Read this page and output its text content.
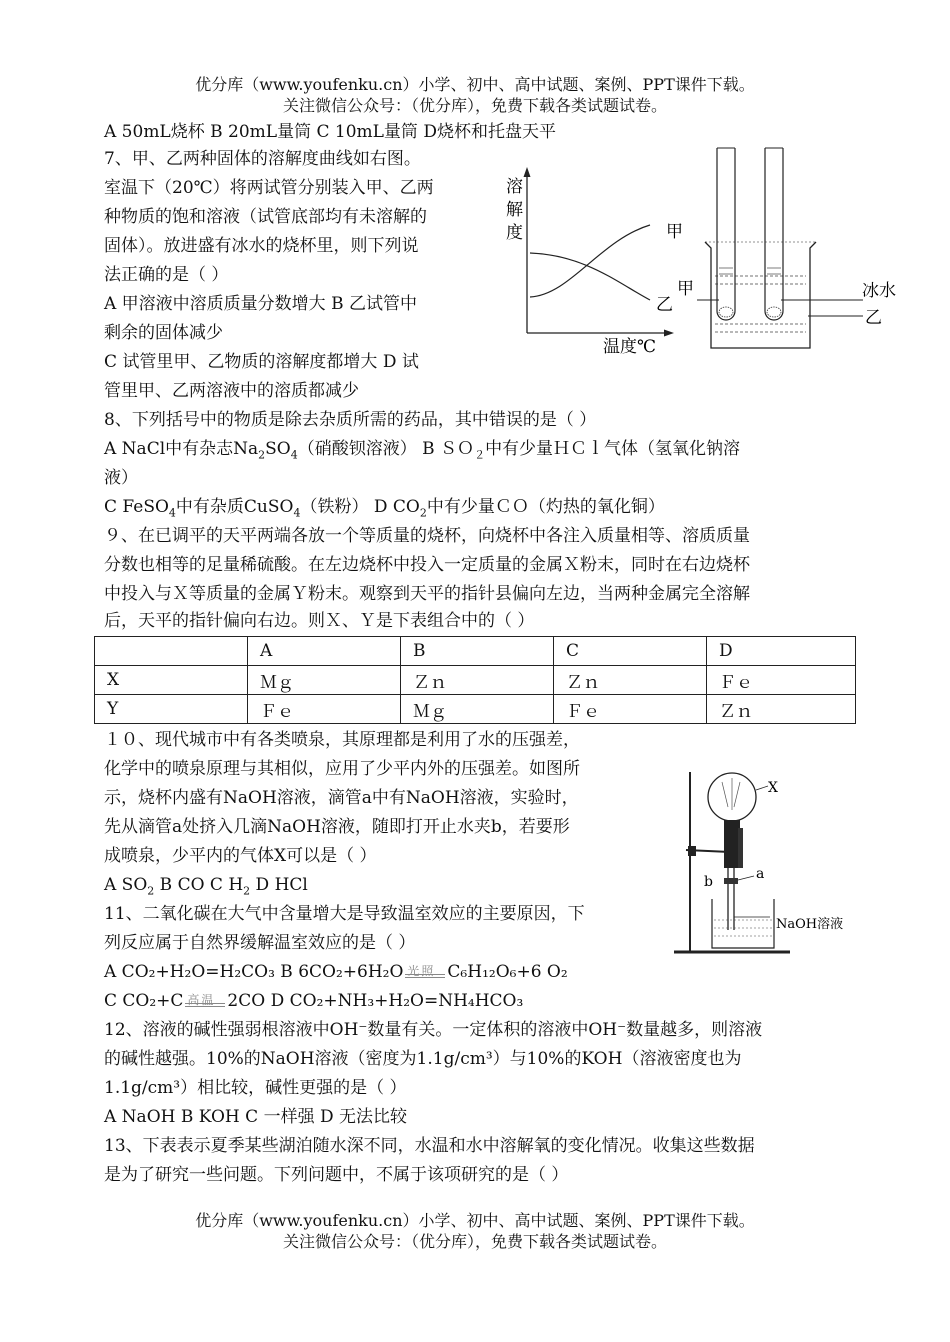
优分库（www.youfenku.cn）小学、初中、高中试题、案例、PPT课件下载。
关注微信公众号：（优分库），免费下载各类试题试卷。
A 50mL烧杯 B 20mL量筒 C 10mL量筒 D烧杯和托盘天平
7、甲、乙两种固体的溶解度曲线如右图。
室温下（20℃）将两试管分别装入甲、乙两
种物质的饱和溶液（试管底部均有未溶解的
固体）。放进盛有冰水的烧杯里，则下列说
法正确的是（ ）
A 甲溶液中溶质质量分数增大 B 乙试管中
剩余的固体减少
C 试管里甲、乙物质的溶解度都增大 D 试
管里甲、乙两溶液中的溶质都减少
溶
解
度
温度℃
甲
乙
甲	冰水
乙
8、下列括号中的物质是除去杂质所需的药品，其中错误的是（ ）
A NaCl中有杂志$Na_2SO_4$（硝酸钡溶液） B ＳＯ$_2$中有少量ＨＣｌ气体（氢氧化钠溶
液）
C FeSO$_4$中有杂质CuSO$_4$（铁粉） D $CO_2$中有少量ＣＯ（灼热的氧化铜）
９、在已调平的天平两端各放一个等质量的烧杯，向烧杯中各注入质量相等、溶质质量
分数也相等的足量稀硫酸。在左边烧杯中投入一定质量的金属Ｘ粉末，同时在右边烧杯
中投入与Ｘ等质量的金属Ｙ粉末。观察到天平的指针县偏向左边，当两种金属完全溶解
后，天平的指针偏向右边。则Ｘ、Ｙ是下表组合中的（ ）
	A	B	C	D
X	Ｍｇ	Ｚｎ	Ｚｎ	Ｆｅ
Y	Ｆｅ	Ｍｇ	Ｆｅ	Ｚｎ
１０、现代城市中有各类喷泉，其原理都是利用了水的压强差，
化学中的喷泉原理与其相似，应用了少平内外的压强差。如图所
示，烧杯内盛有NaOH溶液，滴管a中有NaOH溶液，实验时，
先从滴管a处挤入几滴NaOH溶液，随即打开止水夹b，若要形
成喷泉，少平内的气体X可以是（ ）
A $SO_2$ B CO C $H_2$ D HCl
X
a
b
NaOH溶液
11、二氧化碳在大气中含量增大是导致温室效应的主要原因，下
列反应属于自然界缓解温室效应的是（ ）
A CO₂+H₂O=H₂CO₃ B 6CO₂+6H₂O 光照 C₆H₁₂O₆+6 O₂
C CO₂+C 高温 2CO D CO₂+NH₃+H₂O=NH₄HCO₃
12、溶液的碱性强弱根溶液中OH⁻数量有关。一定体积的溶液中OH⁻数量越多，则溶液
的碱性越强。10%的NaOH溶液（密度为1.1g/cm³）与10%的KOH（溶液密度也为
1.1g/cm³）相比较，碱性更强的是（ ）
A NaOH B KOH C 一样强 D 无法比较
13、下表表示夏季某些湖泊随水深不同，水温和水中溶解氧的变化情况。收集这些数据
是为了研究一些问题。下列问题中，不属于该项研究的是（ ）
优分库（www.youfenku.cn）小学、初中、高中试题、案例、PPT课件下载。
关注微信公众号：（优分库），免费下载各类试题试卷。
